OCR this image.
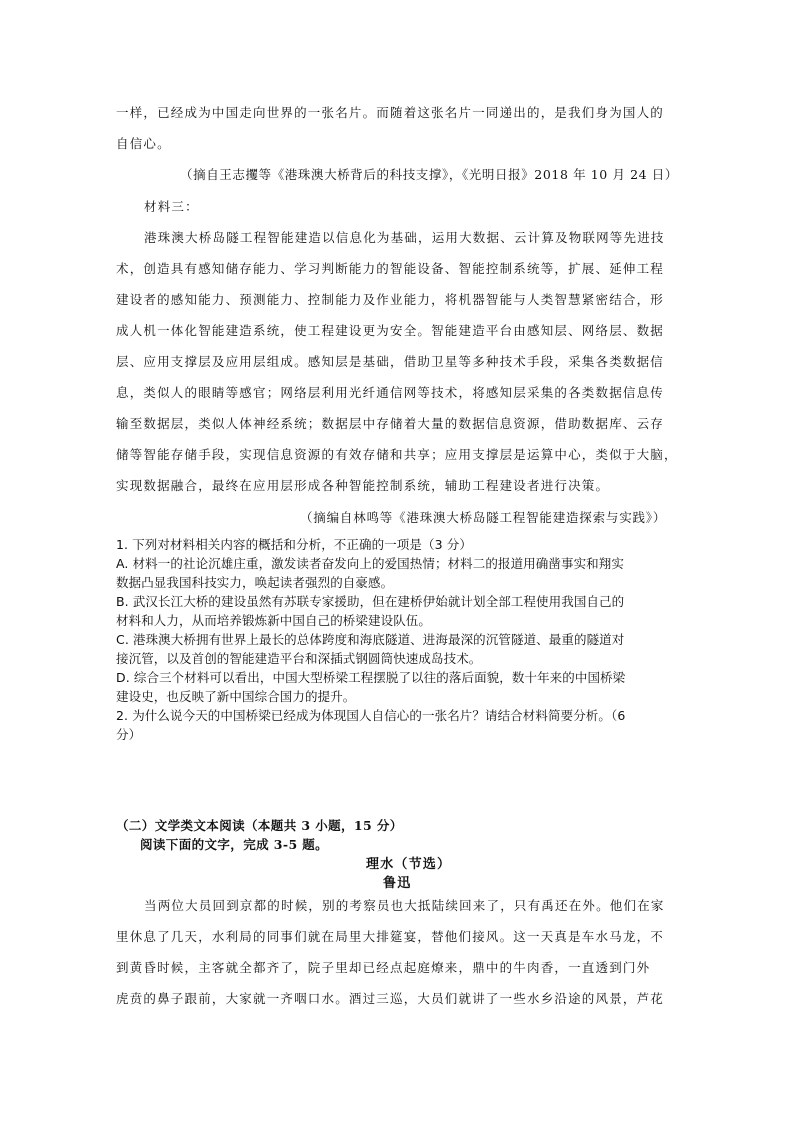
一样，已经成为中国走向世界的一张名片。而随着这张名片一同递出的，是我们身为国人的
自信心。
（摘自王志攫等《港珠澳大桥背后的科技支撑》，《光明日报》2018 年 10 月 24 日）
材料三：
港珠澳大桥岛隧工程智能建造以信息化为基础，运用大数据、云计算及物联网等先进技
术，创造具有感知储存能力、学习判断能力的智能设备、智能控制系统等，扩展、延伸工程
建设者的感知能力、预测能力、控制能力及作业能力，将机器智能与人类智慧紧密结合，形
成人机一体化智能建造系统，使工程建设更为安全。智能建造平台由感知层、网络层、数据
层、应用支撑层及应用层组成。感知层是基础，借助卫星等多种技术手段，采集各类数据信
息，类似人的眼睛等感官；网络层利用光纤通信网等技术，将感知层采集的各类数据信息传
输至数据层，类似人体神经系统；数据层中存储着大量的数据信息资源，借助数据库、云存
储等智能存储手段，实现信息资源的有效存储和共享；应用支撑层是运算中心，类似于大脑，
实现数据融合，最终在应用层形成各种智能控制系统，辅助工程建设者进行决策。
（摘编自林鸣等《港珠澳大桥岛隧工程智能建造探索与实践》）
1. 下列对材料相关内容的概括和分析，不正确的一项是（3 分）
A. 材料一的社论沉雄庄重，激发读者奋发向上的爱国热情；材料二的报道用确凿事实和翔实
数据凸显我国科技实力，唤起读者强烈的自豪感。
B. 武汉长江大桥的建设虽然有苏联专家援助，但在建桥伊始就计划全部工程使用我国自己的
材料和人力，从而培养锻炼新中国自己的桥梁建设队伍。
C. 港珠澳大桥拥有世界上最长的总体跨度和海底隧道、进海最深的沉管隧道、最重的隧道对
接沉管，以及首创的智能建造平台和深插式钢圆筒快速成岛技术。
D. 综合三个材料可以看出，中国大型桥梁工程摆脱了以往的落后面貌，数十年来的中国桥梁
建设史，也反映了新中国综合国力的提升。
2. 为什么说今天的中国桥梁已经成为体现国人自信心的一张名片？请结合材料简要分析。（6
分）
（二）文学类文本阅读（本题共 3 小题，15 分）
阅读下面的文字，完成 3-5 题。
理水（节选）
鲁迅
当两位大员回到京都的时候，别的考察员也大抵陆续回来了，只有禹还在外。他们在家
里休息了几天，水利局的同事们就在局里大排筵宴，替他们接风。这一天真是车水马龙，不
到黄昏时候，主客就全都齐了，院子里却已经点起庭燎来，鼎中的牛肉香，一直透到门外
虎贲的鼻子跟前，大家就一齐咽口水。酒过三巡，大员们就讲了一些水乡沿途的风景，芦花
